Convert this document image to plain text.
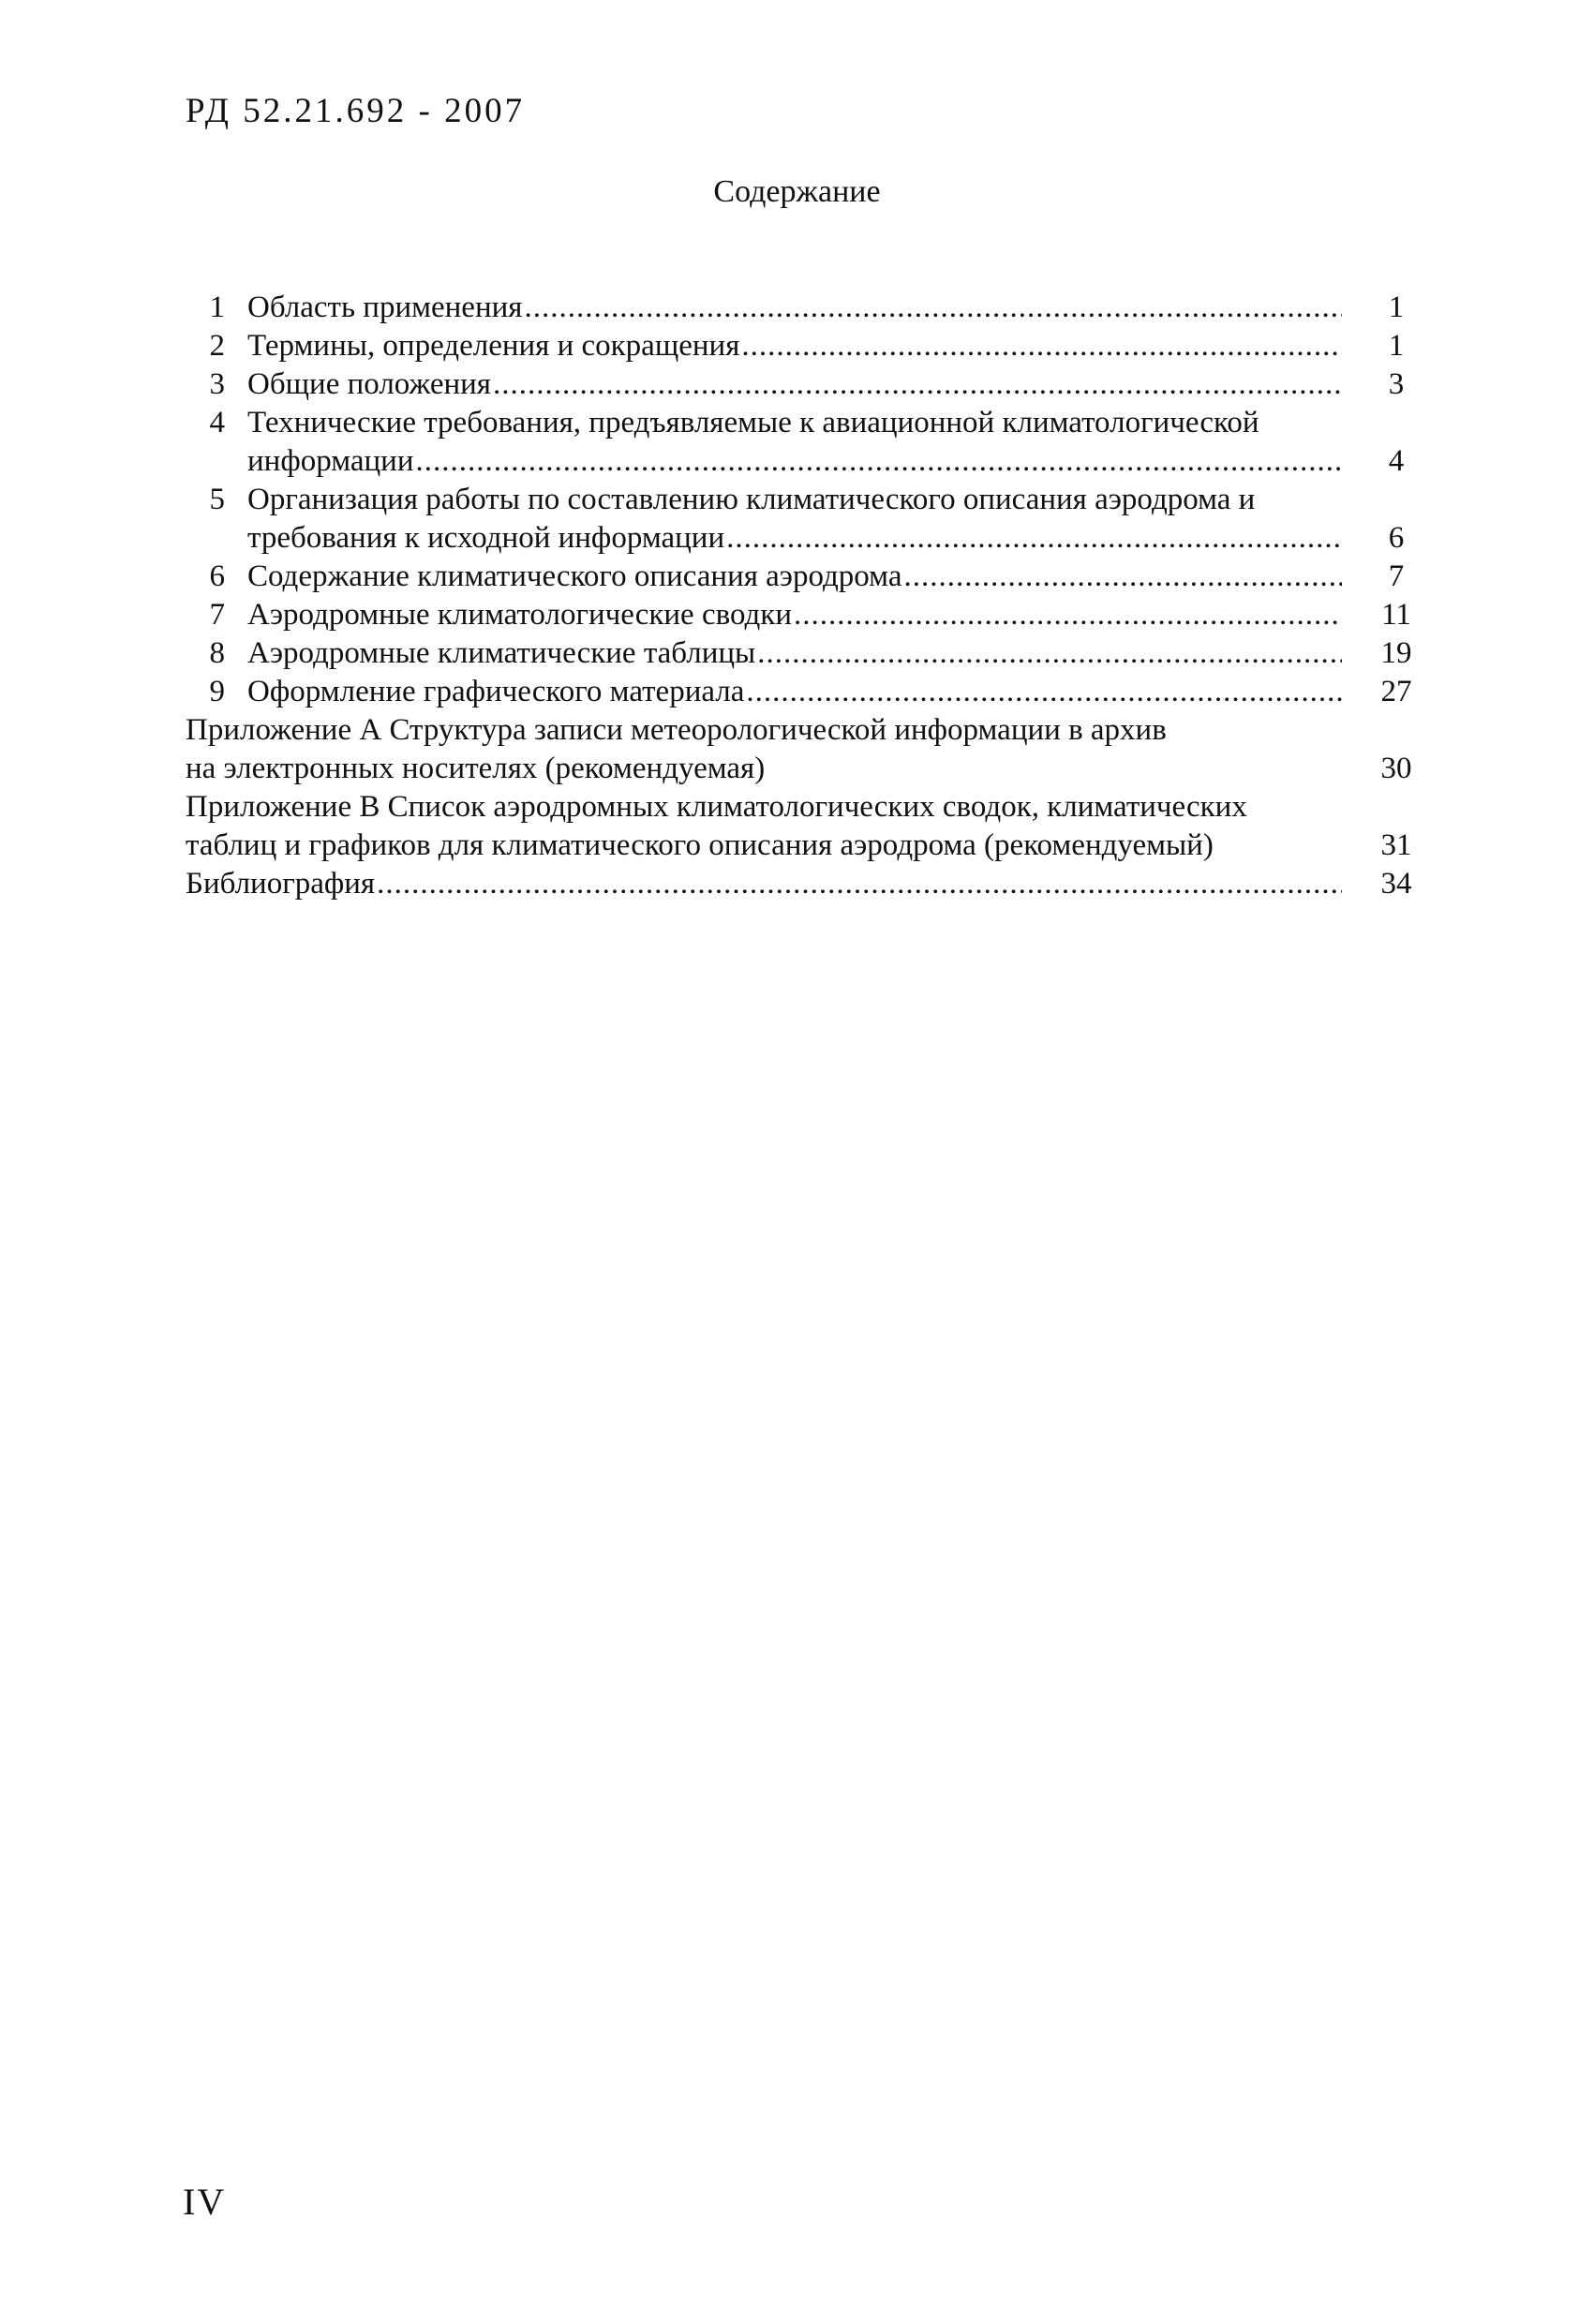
РД 52.21.692 - 2007
Содержание
1 Область применения .....	1
2 Термины, определения и сокращения .....	1
3 Общие положения .....	3
4 Технические требования, предъявляемые к авиационной климатологической
информации .....	4
5 Организация работы по составлению климатического описания аэродрома и
требования к исходной информации .....	6
6 Содержание климатического описания аэродрома .....	7
7 Аэродромные климатологические сводки .....	11
8 Аэродромные климатические таблицы .....	19
9 Оформление графического материала .....	27
Приложение А Структура записи метеорологической информации в архив
на электронных носителях (рекомендуемая)	30
Приложение В Список аэродромных климатологических сводок, климатических
таблиц и графиков для климатического описания аэродрома (рекомендуемый)	31
Библиография .....	34
IV
